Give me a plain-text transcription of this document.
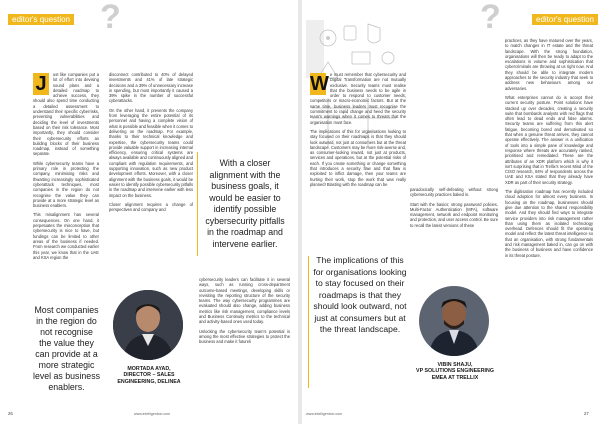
editor's question ?
J	ust like companies put a lot of effort into devising sound plans and a detailed roadmap to achieve success, they should also spend time conducting a detailed assessment to understand their specific cyberrisks, preventing vulnerabilities and deciding the level of investments based on their risk tolerance. Most importantly, they should consider their cybersecurity efforts as building blocks of their business roadmap, instead of something separate.

While cybersecurity teams have a primary role in protecting the company, minimising risks and thwarting increasingly sophisticated cyberattack techniques, most companies in the region do not recognise the value they can provide at a more strategic level as business enablers.

This misalignment has several consequences. On one hand, it perpetuates the misconception that cybersecurity is nice to have, but fundings can be limited to other areas of the business if needed. From research we conducted earlier this year, we know that in the UAE and KSA region the

Most companies in the region do not recognise the value they can provide at a more strategic level as business enablers.

disconnect contributed to 40% of delayed investments and 41% of late strategic decisions and a 39% of unnecessary increase in spending, but most importantly it caused a 39% spike in the number of successful cyberattacks.

On the other hand, it prevents the company from leveraging the entire potential of its personnel and having a complete vision of what is possible and feasible when it comes to delivering on the roadmap. For example, thanks to their technical knowledge and expertise, the cybersecurity teams could provide valuable support in increasing internal efficiency, ensuring critical systems are always available and continuously aligned and compliant with regulation requirements, and supporting innovation, such as new product development efforts. Moreover, with a closer alignment with the business goals, it would be easier to identify possible cybersecurity pitfalls in the roadmap and intervene earlier with less impact on the business.

Closer alignment requires a change of perspectives and company and

MORTADA AYAD,
DIRECTOR – SALES
ENGINEERING, DELINEA
With a closer alignment with the business goals, it would be easier to identify possible cybersecurity pitfalls in the roadmap and intervene earlier.

cybersecurity leaders can facilitate it in several ways, such as running cross-department outcome-based meetings, developing skills or revisiting the reporting structure of the security teams. The way cybersecurity programmes are evaluated should also change, adding business metrics like risk management, compliance levels and Business Continuity metrics to the technical and activity-based ones used today.

Unlocking the cybersecurity team's potential is among the most effective strategies to protect the business and make it futureli

26	www.intelligentcio.com
editor's question
?
W e must remember that cybersecurity and Digital Transformation are not mutually exclusive. Security teams must realise that the business needs to be agile in order to respond to customer needs, competitors or macro-economic factors. But at the same time, business leaders must recognise the commitment to rapid change and heed the security team's warnings when it comes to threats that the organisation must face.

The implications of this for organisations looking to stay focused on their roadmaps is that they should look outward, not just at consumers but at the threat landscape. Customers may be more risk-averse and, as consumer-looking inward, not just at products, services and operations, but at the potential risks of each. If you create something or change something that introduces a security flaw and that flaw is exploited to inflict damage, then your teams are hurting their work, stop the work that was really planned! Blasting with the roadmap can be

The implications of this for organisations looking to stay focused on their roadmaps is that they should look outward, not just at consumers but at the threat landscape.

paradoxically self-defeating without strong cybersecurity practices baked in.

Start with the basics; strong password policies, Multi-Factor Authentication (MFA), software management, network and endpoint monitoring and protection, and user access control. Be sure to recall the latest versions of these

VIBIN SHAJU,
VP SOLUTIONS ENGINEERING
EMEA AT TRELLIX

practices, as they have matured over the years, to match changes in IT estate and the threat landscape. With the strong foundation, organisations will then be ready to adapt to the escalations in volume and sophistication that cybercriminals are throwing at us right now. And they should be able to integrate modern approaches to the security industry that seek to address new behaviours among our adversaries.

What enterprises cannot do is accept their current security posture. Point solutions have stacked up over decades, creating a security suite that bombards analysts with red flags that often lead to dead ends and false alarms. Security teams are suffering from this alert fatigue, becoming bored and demotivated so that when a genuine threat arrives, they cannot operate effectively. The answer is a unification of tools into a simple pane of knowledge and response where threats are accurately ranked, prioritised and remediated. These are the attributes of an XDR platform which is why it isn't surprising that in Trellix's recent Mind of the CISO research, 84% of respondents across the UAE and KSA stated that they already have XDR as part of their security strategy.

The digitisation roadmap has recently included cloud adoption for almost every business. In focusing on the roadmap, businesses should give due attention to the shared responsibility model. And they should find ways to integrate service providers into risk management rather than using them as isolated technology overhead. Defences should fit the operating model and reflect the latest threat intelligence so that an organisation, with strong fundamentals and risk management baked in, can go on with the business of business and have confidence in its threat posture.

www.intelligentcio.com	27
